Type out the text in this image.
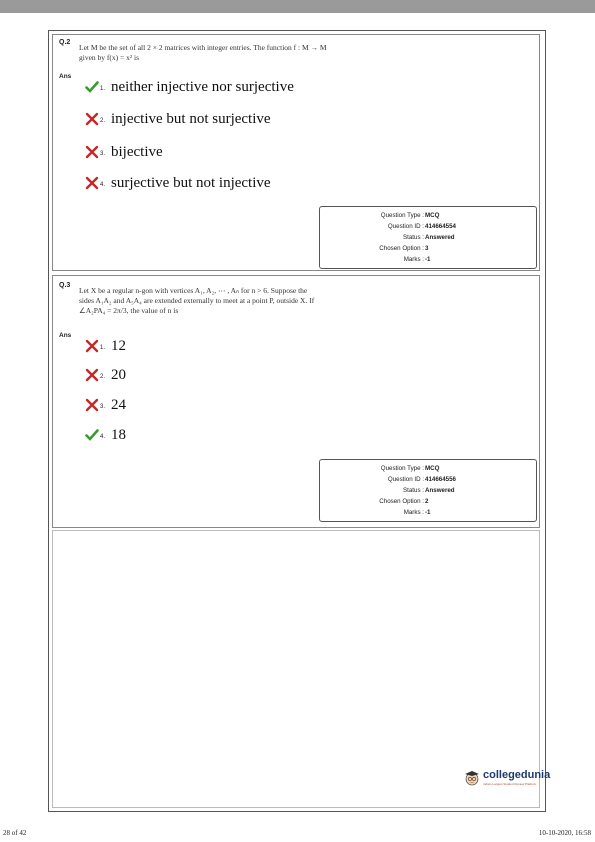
Q.2
Let M be the set of all 2 × 2 matrices with integer entries. The function f : M → M
given by f(x) = x² is
Ans
1. neither injective nor surjective
2. injective but not surjective
3. bijective
4. surjective but not injective
Question Type : MCQ
Question ID : 414664554
Status : Answered
Chosen Option : 3
Marks : -1
Q.3
Let X be a regular n-gon with vertices A₁, A₂, ⋯ , Aₙ for n > 6. Suppose the
sides A₁A₂ and A₅A₄ are extended externally to meet at a point P, outside X. If
∠A₂PA₄ = 2π/3, the value of n is
Ans
1. 12
2. 20
3. 24
4. 18
Question Type : MCQ
Question ID : 414664556
Status : Answered
Chosen Option : 2
Marks : -1
collegedunia
India's Largest Student Review Platform
28 of 42	10-10-2020, 16:58
